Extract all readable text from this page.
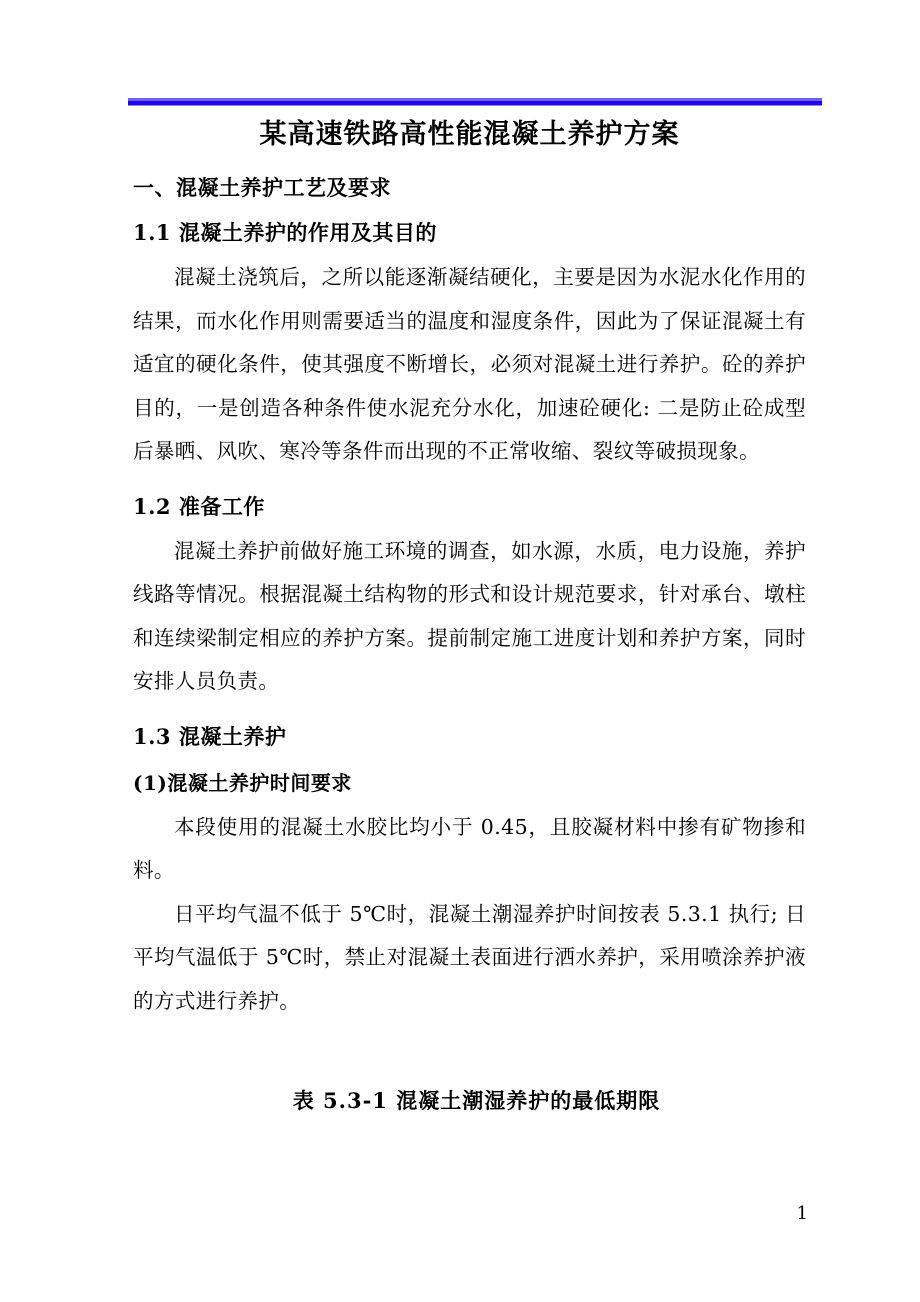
某高速铁路高性能混凝土养护方案
一、混凝土养护工艺及要求
1.1 混凝土养护的作用及其目的

混凝土浇筑后，之所以能逐渐凝结硬化，主要是因为水泥水化作用的结果，而水化作用则需要适当的温度和湿度条件，因此为了保证混凝土有适宜的硬化条件，使其强度不断增长，必须对混凝土进行养护。砼的养护目的，一是创造各种条件使水泥充分水化，加速砼硬化: 二是防止砼成型后暴晒、风吹、寒冷等条件而出现的不正常收缩、裂纹等破损现象。

1.2 准备工作

混凝土养护前做好施工环境的调查，如水源，水质，电力设施，养护线路等情况。根据混凝土结构物的形式和设计规范要求，针对承台、墩柱和连续梁制定相应的养护方案。提前制定施工进度计划和养护方案，同时安排人员负责。

1.3 混凝土养护
(1)混凝土养护时间要求

本段使用的混凝土水胶比均小于 0.45，且胶凝材料中掺有矿物掺和料。

日平均气温不低于 5℃时，混凝土潮湿养护时间按表 5.3.1 执行; 日平均气温低于 5℃时，禁止对混凝土表面进行洒水养护，采用喷涂养护液的方式进行养护。

表 5.3-1 混凝土潮湿养护的最低期限

1
